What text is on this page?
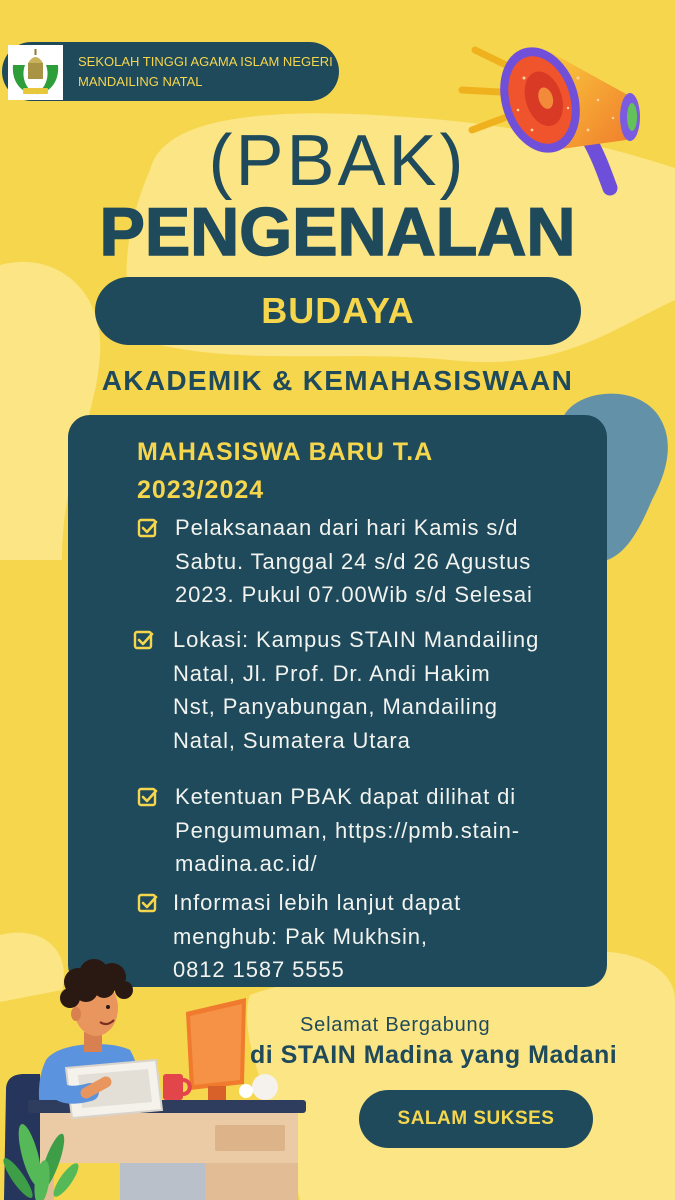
SEKOLAH TINGGI AGAMA ISLAM NEGERI
MANDAILING NATAL
(PBAK)
PENGENALAN
BUDAYA
AKADEMIK & KEMAHASISWAAN
MAHASISWA BARU T.A
2023/2024
Pelaksanaan dari hari Kamis s/d
Sabtu. Tanggal 24 s/d 26 Agustus
2023. Pukul 07.00Wib s/d Selesai
Lokasi: Kampus STAIN Mandailing
Natal, Jl. Prof. Dr. Andi Hakim
Nst, Panyabungan, Mandailing
Natal, Sumatera Utara
Ketentuan PBAK dapat dilihat di
Pengumuman, https://pmb.stain-
madina.ac.id/
Informasi lebih lanjut dapat
menghub: Pak Mukhsin,
0812 1587 5555
Selamat Bergabung
di STAIN Madina yang Madani
SALAM SUKSES
